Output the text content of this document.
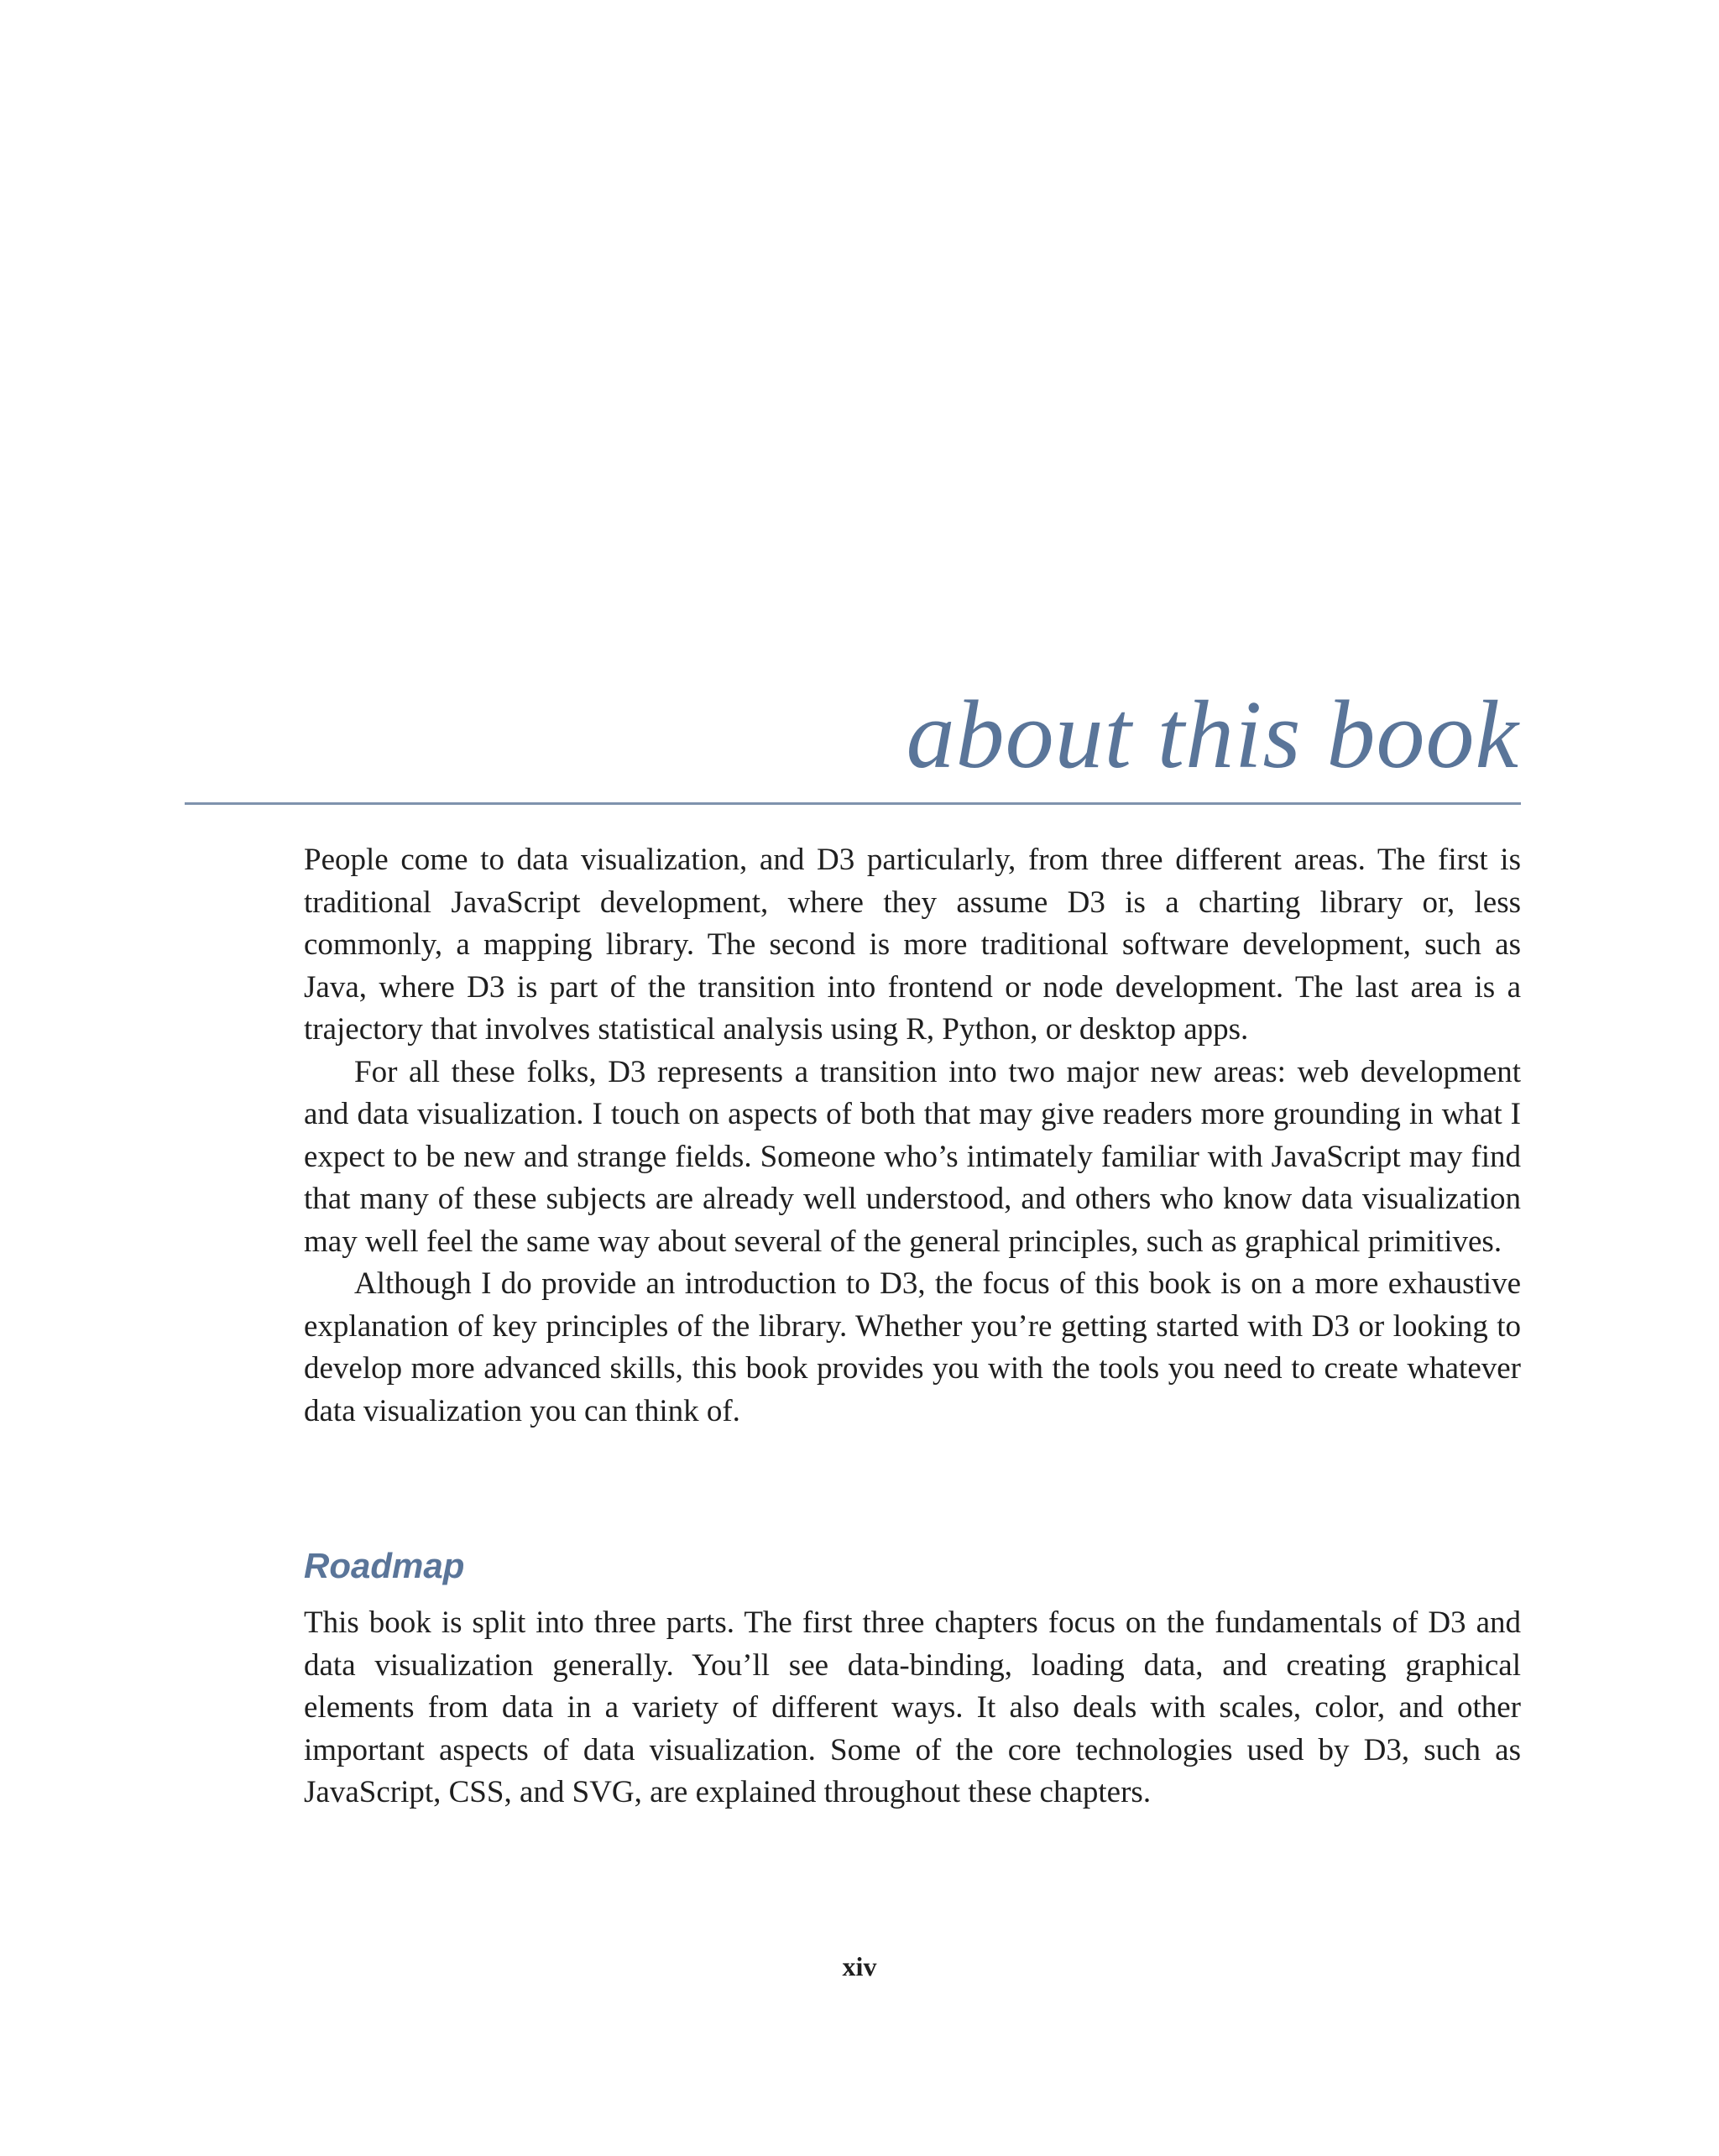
about this book

People come to data visualization, and D3 particularly, from three different areas. The first is traditional JavaScript development, where they assume D3 is a charting library or, less commonly, a mapping library. The second is more traditional software development, such as Java, where D3 is part of the transition into frontend or node development. The last area is a trajectory that involves statistical analysis using R, Python, or desktop apps.

For all these folks, D3 represents a transition into two major new areas: web development and data visualization. I touch on aspects of both that may give readers more grounding in what I expect to be new and strange fields. Someone who’s intimately familiar with JavaScript may find that many of these subjects are already well understood, and others who know data visualization may well feel the same way about several of the general principles, such as graphical primitives.

Although I do provide an introduction to D3, the focus of this book is on a more exhaustive explanation of key principles of the library. Whether you’re getting started with D3 or looking to develop more advanced skills, this book provides you with the tools you need to create whatever data visualization you can think of.

Roadmap

This book is split into three parts. The first three chapters focus on the fundamentals of D3 and data visualization generally. You’ll see data-binding, loading data, and creating graphical elements from data in a variety of different ways. It also deals with scales, color, and other important aspects of data visualization. Some of the core technologies used by D3, such as JavaScript, CSS, and SVG, are explained throughout these chapters.

xiv
